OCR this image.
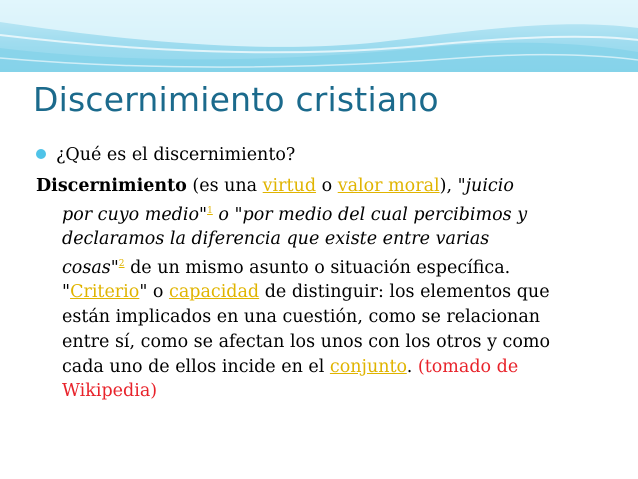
Discernimiento cristiano
¿Qué es el discernimiento?
Discernimiento (es una virtud o valor moral), "juicio
por cuyo medio"$^1$ o "por medio del cual percibimos y
declaramos la diferencia que existe entre varias
cosas"$^2$ de un mismo asunto o situación específica.
"Criterio" o capacidad de distinguir: los elementos que
están implicados en una cuestión, como se relacionan
entre sí, como se afectan los unos con los otros y como
cada uno de ellos incide en el conjunto. (tomado de
Wikipedia)
